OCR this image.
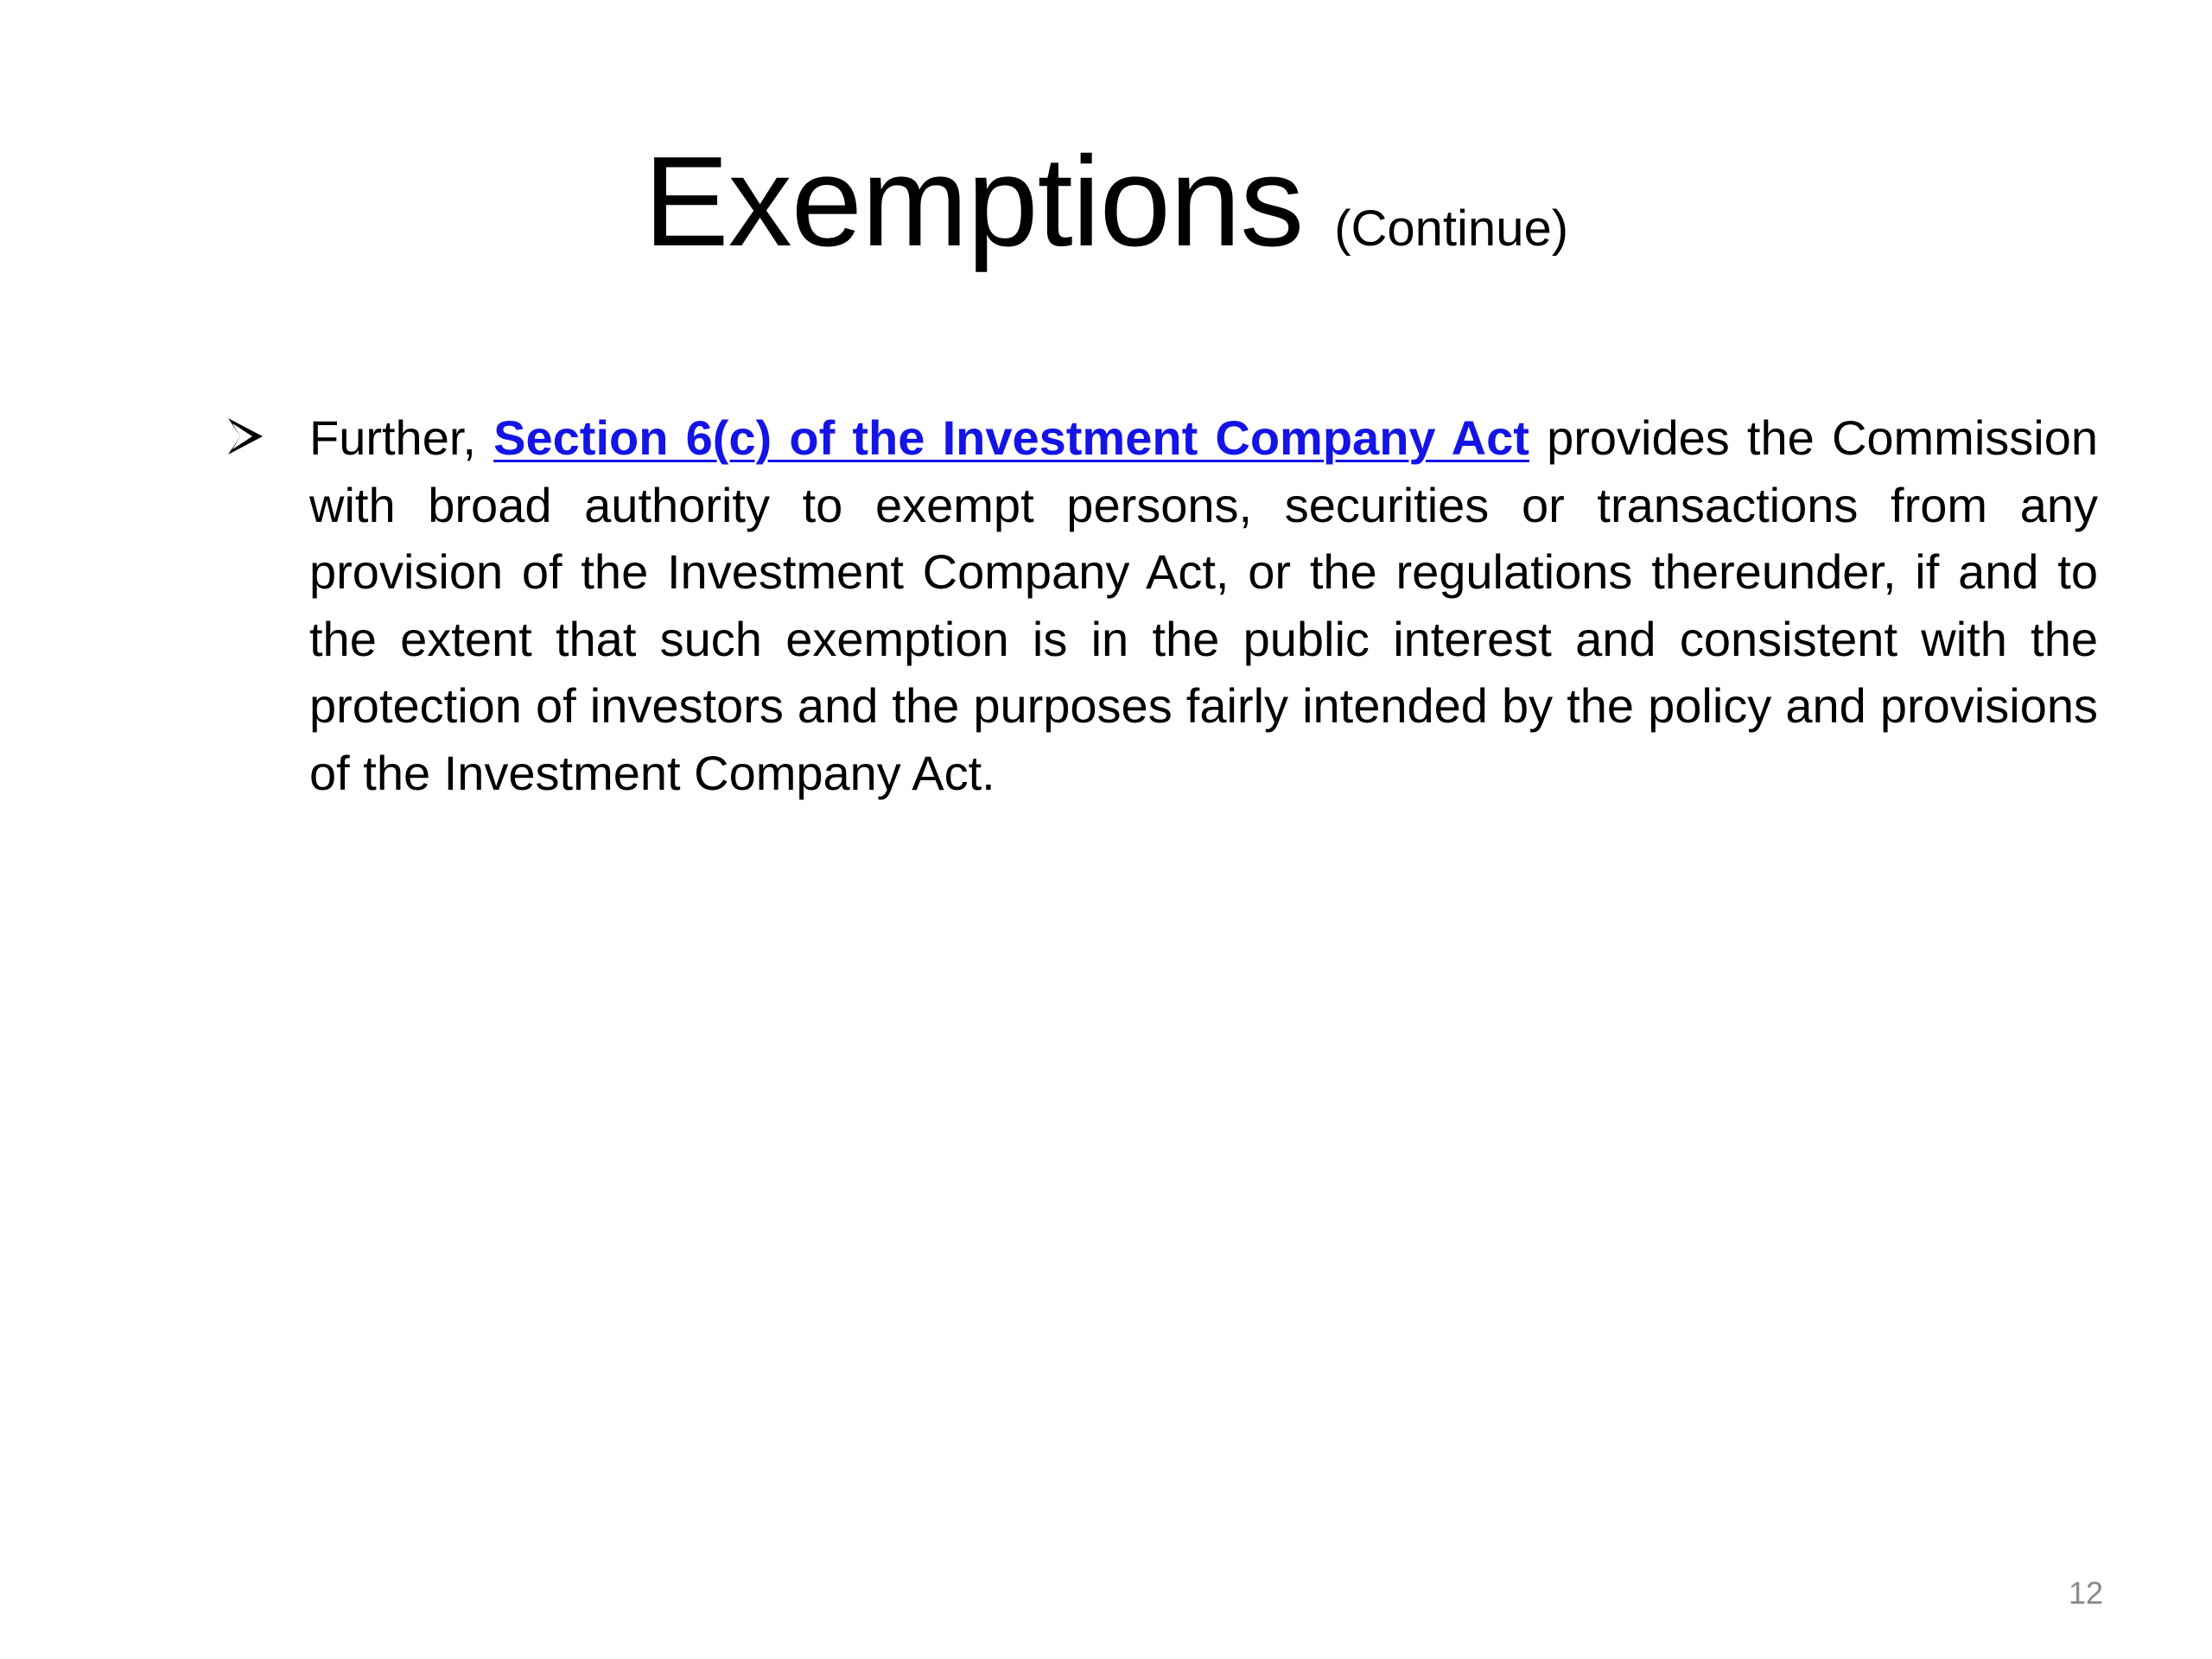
Exemptions (Continue)
Further, Section 6(c) of the Investment Company Act provides the Commission with broad authority to exempt persons, securities or transactions from any provision of the Investment Company Act, or the regulations thereunder, if and to the extent that such exemption is in the public interest and consistent with the protection of investors and the purposes fairly intended by the policy and provisions of the Investment Company Act.
12
